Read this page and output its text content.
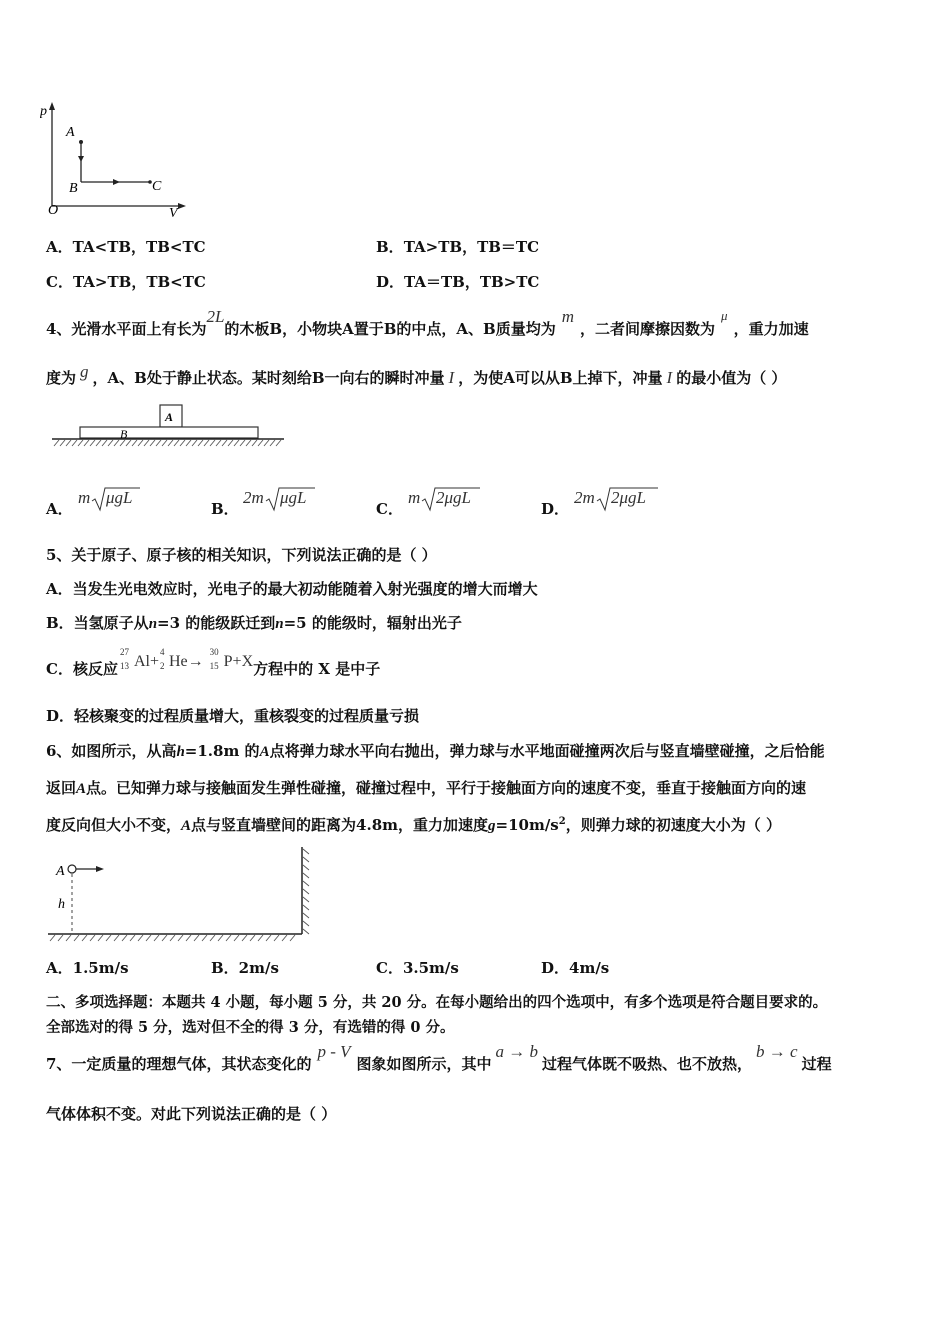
p
V
O
A
B	C
A．TA<TB，TB<TC	B．TA>TB，TB＝TC
C．TA>TB，TB<TC	D．TA＝TB，TB>TC
4、光滑水平面上有长为2L的木板B，小物块A置于B的中点，A、B质量均为m，二者间摩擦因数为μ，重力加速
度为 g ，A、B处于静止状态。某时刻给B一向右的瞬时冲量 I ，为使A可以从B上掉下，冲量 I 的最小值为（ ）
A
B
A．
m μgL
B．
2m μgL
C．
m 2μgL
D．
2m 2μgL
5、关于原子、原子核的相关知识，下列说法正确的是（ ）
A．当发生光电效应时，光电子的最大初动能随着入射光强度的增大而增大
B．当氢原子从n=3 的能级跃迁到n=5 的能级时，辐射出光子
C．核反应
27
13 Al+
4
2 He→
30
15 P+X方程中的 X 是中子
D．轻核聚变的过程质量增大，重核裂变的过程质量亏损
6、如图所示，从高h=1.8m 的A点将弹力球水平向右抛出，弹力球与水平地面碰撞两次后与竖直墙壁碰撞，之后恰能
返回A点。已知弹力球与接触面发生弹性碰撞，碰撞过程中，平行于接触面方向的速度不变，垂直于接触面方向的速
度反向但大小不变，A点与竖直墙壁间的距离为4.8m，重力加速度$g=10m/s^2$，则弹力球的初速度大小为（ ）
A
h
A．1.5m/s	B．2m/s	C．3.5m/s	D．4m/s
二、多项选择题：本题共 4 小题，每小题 5 分，共 20 分。在每小题给出的四个选项中，有多个选项是符合题目要求的。
全部选对的得 5 分，选对但不全的得 3 分，有选错的得 0 分。
7、一定质量的理想气体，其状态变化的p - V图象如图所示，其中a → b过程气体既不吸热、也不放热，b → c过程
气体体积不变。对此下列说法正确的是（ ）
